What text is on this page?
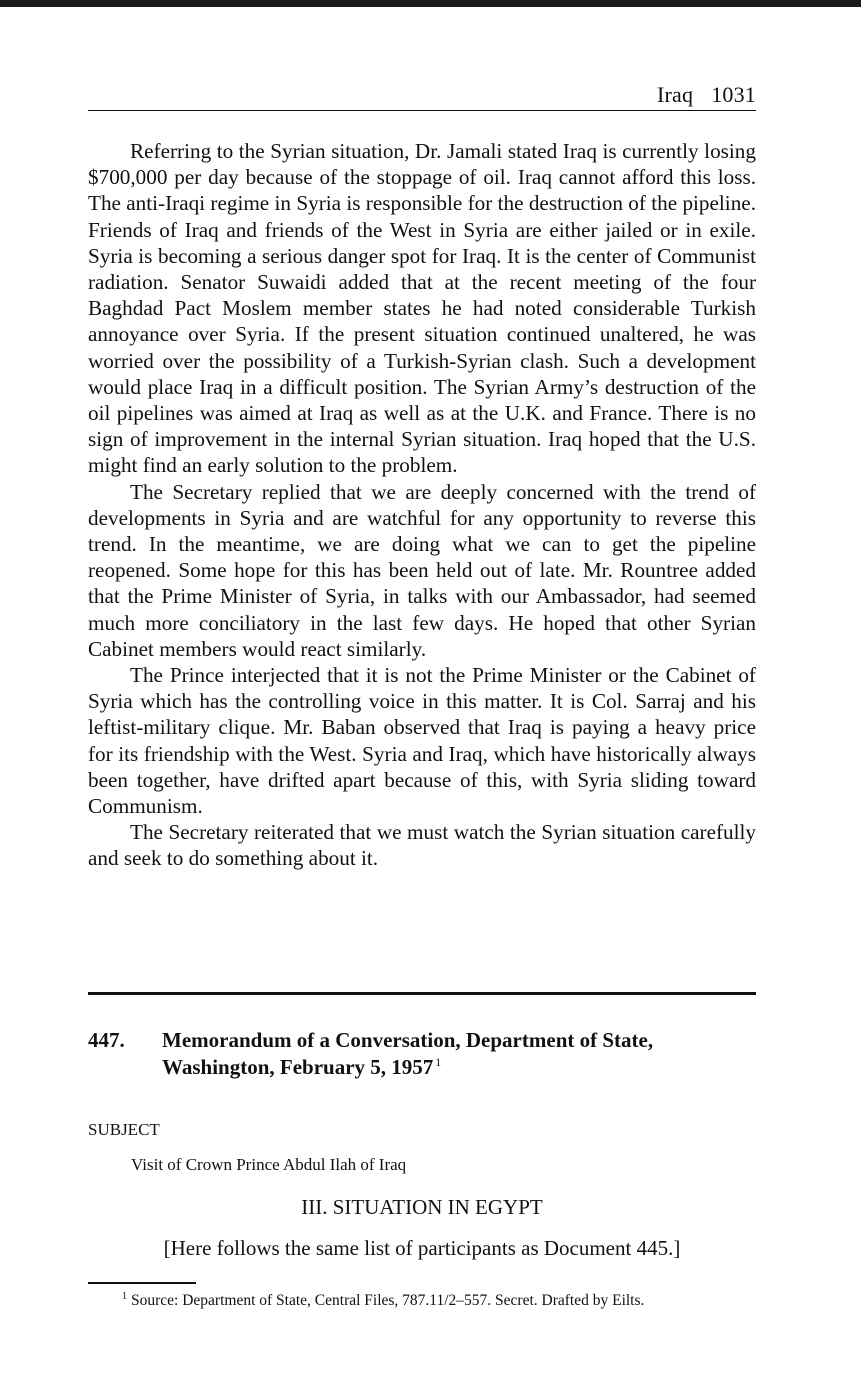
Iraq 1031

Referring to the Syrian situation, Dr. Jamali stated Iraq is currently losing $700,000 per day because of the stoppage of oil. Iraq cannot afford this loss. The anti-Iraqi regime in Syria is responsible for the destruction of the pipeline. Friends of Iraq and friends of the West in Syria are either jailed or in exile. Syria is becoming a serious danger spot for Iraq. It is the center of Communist radiation. Senator Suwaidi added that at the recent meeting of the four Baghdad Pact Moslem member states he had noted considerable Turkish annoyance over Syria. If the present situation continued unaltered, he was worried over the possibility of a Turkish-Syrian clash. Such a development would place Iraq in a difficult position. The Syrian Army’s destruction of the oil pipelines was aimed at Iraq as well as at the U.K. and France. There is no sign of improvement in the internal Syrian situation. Iraq hoped that the U.S. might find an early solution to the problem.

The Secretary replied that we are deeply concerned with the trend of developments in Syria and are watchful for any opportunity to reverse this trend. In the meantime, we are doing what we can to get the pipeline reopened. Some hope for this has been held out of late. Mr. Rountree added that the Prime Minister of Syria, in talks with our Ambassador, had seemed much more conciliatory in the last few days. He hoped that other Syrian Cabinet members would react similarly.

The Prince interjected that it is not the Prime Minister or the Cabinet of Syria which has the controlling voice in this matter. It is Col. Sarraj and his leftist-military clique. Mr. Baban observed that Iraq is paying a heavy price for its friendship with the West. Syria and Iraq, which have historically always been together, have drifted apart because of this, with Syria sliding toward Communism.

The Secretary reiterated that we must watch the Syrian situation carefully and seek to do something about it.

447. Memorandum of a Conversation, Department of State,
Washington, February 5, 1957 $^1$
SUBJECT
Visit of Crown Prince Abdul Ilah of Iraq
III. SITUATION IN EGYPT
[Here follows the same list of participants as Document 445.]
$^1$ Source: Department of State, Central Files, 787.11/2–557. Secret. Drafted by Eilts.
